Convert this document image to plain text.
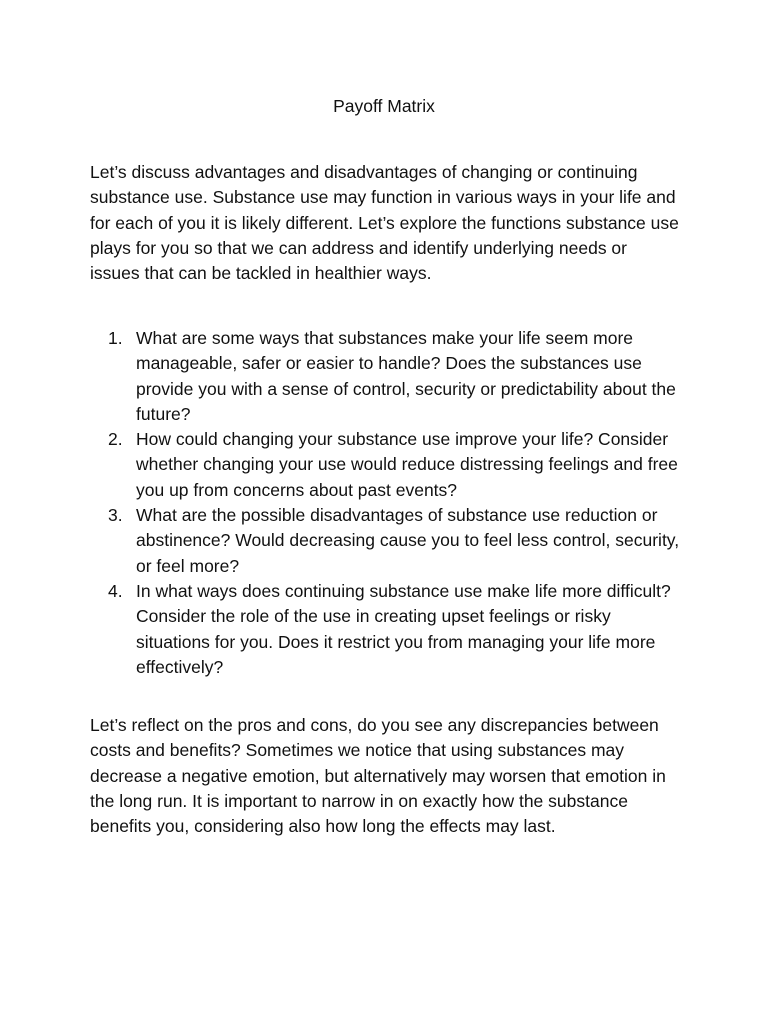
Payoff Matrix

Let’s discuss advantages and disadvantages of changing or continuing substance use. Substance use may function in various ways in your life and for each of you it is likely different. Let’s explore the functions substance use plays for you so that we can address and identify underlying needs or issues that can be tackled in healthier ways.

1. What are some ways that substances make your life seem more manageable, safer or easier to handle? Does the substances use provide you with a sense of control, security or predictability about the future?
2. How could changing your substance use improve your life? Consider whether changing your use would reduce distressing feelings and free you up from concerns about past events?
3. What are the possible disadvantages of substance use reduction or abstinence? Would decreasing cause you to feel less control, security, or feel more?
4. In what ways does continuing substance use make life more difficult? Consider the role of the use in creating upset feelings or risky situations for you. Does it restrict you from managing your life more effectively?

Let’s reflect on the pros and cons, do you see any discrepancies between costs and benefits? Sometimes we notice that using substances may decrease a negative emotion, but alternatively may worsen that emotion in the long run. It is important to narrow in on exactly how the substance benefits you, considering also how long the effects may last.
